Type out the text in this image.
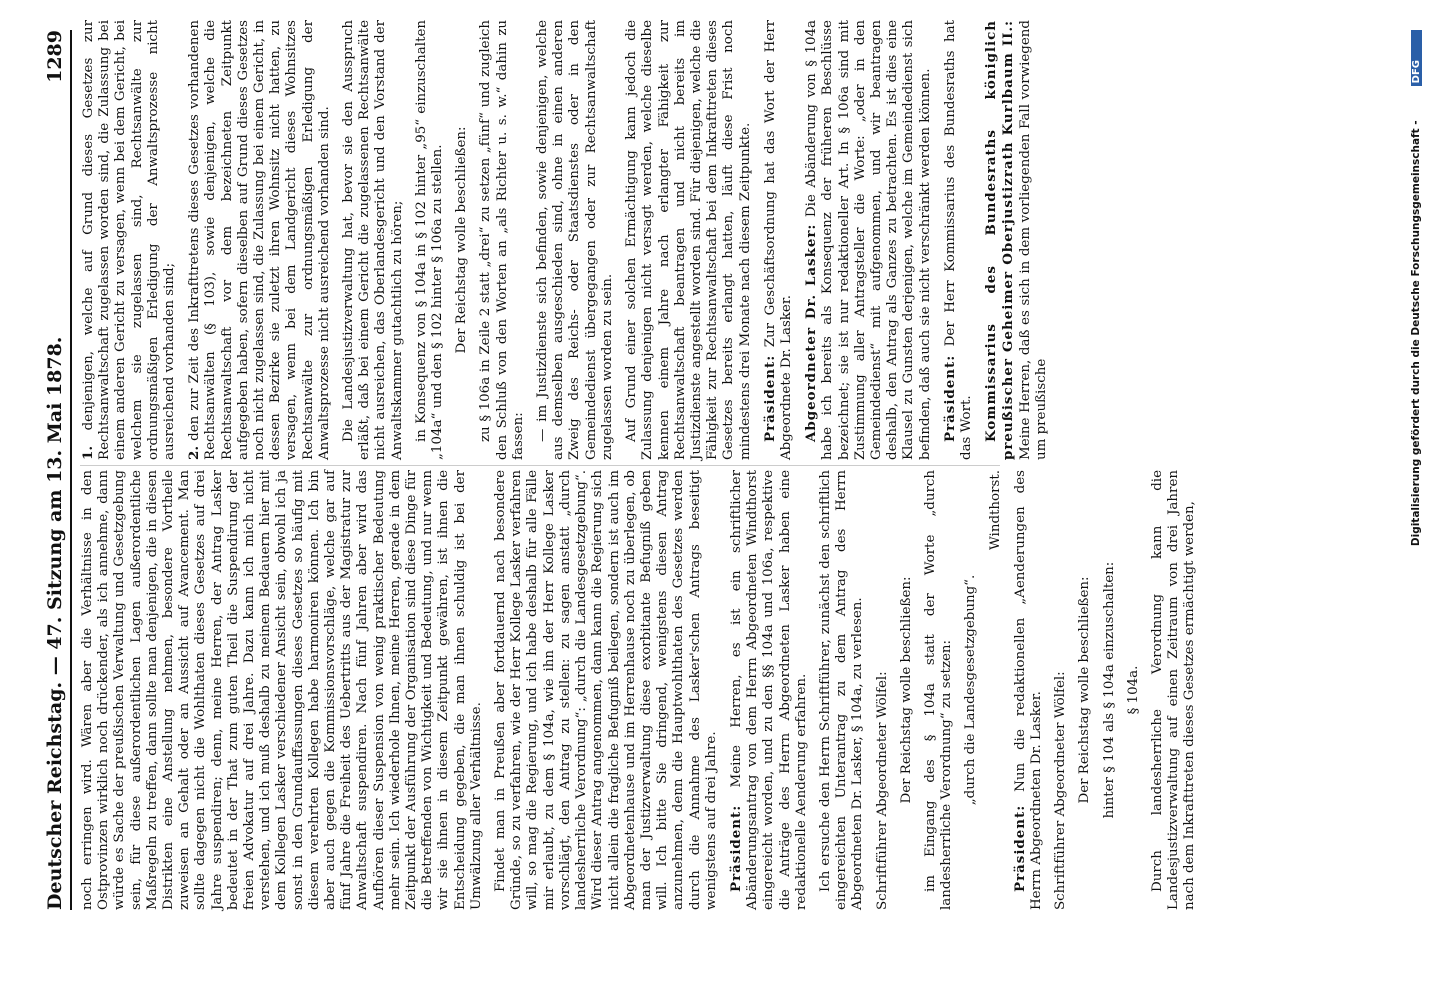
Deutscher Reichstag. — 47. Sitzung am 13. Mai 1878.
1289

noch erringen wird. Wären aber die Verhältnisse in den Ostprovinzen wirklich noch drückender, als ich annehme, dann würde es Sache der preußischen Verwaltung und Gesetzgebung sein, für diese außerordentlichen Lagen außerordentliche Maßregeln zu treffen, dann sollte man denjenigen, die in diesen Distrikten eine Anstellung nehmen, besondere Vortheile zuweisen an Gehalt oder an Aussicht auf Avancement. Man sollte dagegen nicht die Wohlthaten dieses Gesetzes auf drei Jahre suspendiren; denn, meine Herren, der Antrag Lasker bedeutet in der That zum guten Theil die Suspendirung der freien Advokatur auf drei Jahre. Dazu kann ich mich nicht verstehen, und ich muß deshalb zu meinem Bedauern hier mit dem Kollegen Lasker verschiedener Ansicht sein, obwohl ich ja sonst in den Grundauffassungen dieses Gesetzes so häufig mit diesem verehrten Kollegen habe harmoniren können. Ich bin aber auch gegen die Kommissionsvorschläge, welche gar auf fünf Jahre die Freiheit des Uebertritts aus der Magistratur zur Anwaltschaft suspendiren. Nach fünf Jahren aber wird das Aufhören dieser Suspension von wenig praktischer Bedeutung mehr sein. Ich wiederhole Ihnen, meine Herren, gerade in dem Zeitpunkt der Ausführung der Organisation sind diese Dinge für die Betreffenden von Wichtigkeit und Bedeutung, und nur wenn wir sie ihnen in diesem Zeitpunkt gewähren, ist ihnen die Entscheidung gegeben, die man ihnen schuldig ist bei der Umwälzung aller Verhältnisse. Findet man in Preußen aber fortdauernd nach besondere Gründe, so zu verfahren, wie der Herr Kollege Lasker verfahren will, so mag die Regierung, und ich habe deshalb für alle Fälle mir erlaubt, zu dem § 104a, wie ihn der Herr Kollege Lasker vorschlägt, den Antrag zu stellen: zu sagen anstatt „durch landesherrliche Verordnung“: „durch die Landesgesetzgebung“. Wird dieser Antrag angenommen, dann kann die Regierung sich nicht allein die fragliche Befugniß beilegen, sondern ist auch im Abgeordnetenhause und im Herrenhause noch zu überlegen, ob man der Justizverwaltung diese exorbitante Befugniß geben will. Ich bitte Sie dringend, wenigstens diesen Antrag anzunehmen, denn die Hauptwohlthaten des Gesetzes werden durch die Annahme des Lasker'schen Antrags beseitigt wenigstens auf drei Jahre. Präsident: Meine Herren, es ist ein schriftlicher Abänderungsantrag von dem Herrn Abgeordneten Windthorst eingereicht worden, und zu den §§ 104a und 106a, respektive die Anträge des Herrn Abgeordneten Lasker haben eine redaktionelle Aenderung erfahren. Ich ersuche den Herrn Schriftführer, zunächst den schriftlich eingereichten Unterantrag zu dem Antrag des Herrn Abgeordneten Dr. Lasker, § 104a, zu verlesen. Schriftführer Abgeordneter Wölfel: Der Reichstag wolle beschließen: im Eingang des § 104a statt der Worte „durch landesherrliche Verordnung“ zu setzen: „durch die Landesgesetzgebung“.

Windthorst.

Präsident: Nun die redaktionellen „Aenderungen des Herrn Abgeordneten Dr. Lasker. Schriftführer Abgeordneter Wölfel: Der Reichstag wolle beschließen: hinter § 104 als § 104a einzuschalten: § 104a. Durch landesherrliche Verordnung kann die Landesjustizverwaltung auf einen Zeitraum von drei Jahren nach dem Inkrafttreten dieses Gesetzes ermächtigt werden,

1. denjenigen, welche auf Grund dieses Gesetzes zur Rechtsanwaltschaft zugelassen worden sind, die Zulassung bei einem anderen Gericht zu versagen, wenn bei dem Gericht, bei welchem sie zugelassen sind, Rechtsanwälte zur ordnungsmäßigen Erledigung der Anwaltsprozesse nicht ausreichend vorhanden sind; 2. den zur Zeit des Inkrafttretens dieses Gesetzes vorhandenen Rechtsanwälten (§ 103), sowie denjenigen, welche die Rechtsanwaltschaft vor dem bezeichneten Zeitpunkt aufgegeben haben, sofern dieselben auf Grund dieses Gesetzes noch nicht zugelassen sind, die Zulassung bei einem Gericht, in dessen Bezirke sie zuletzt ihren Wohnsitz nicht hatten, zu versagen, wenn bei dem Landgericht dieses Wohnsitzes Rechtsanwälte zur ordnungsmäßigen Erledigung der Anwaltsprozesse nicht ausreichend vorhanden sind. Die Landesjustizverwaltung hat, bevor sie den Ausspruch erläßt, daß bei einem Gericht die zugelassenen Rechtsanwälte nicht ausreichen, das Oberlandesgericht und den Vorstand der Anwaltskammer gutachtlich zu hören; in Konsequenz von § 104a in § 102 hinter „95“ einzuschalten „104a“ und den § 102 hinter § 106a zu stellen. Der Reichstag wolle beschließen: zu § 106a in Zeile 2 statt „drei“ zu setzen „fünf“ und zugleich den Schluß von den Worten an „als Richter u. s. w.“ dahin zu fassen: — im Justizdienste sich befinden, sowie denjenigen, welche aus demselben ausgeschieden sind, ohne in einen anderen Zweig des Reichs- oder Staatsdienstes oder in den Gemeindedienst übergegangen oder zur Rechtsanwaltschaft zugelassen worden zu sein. Auf Grund einer solchen Ermächtigung kann jedoch die Zulassung denjenigen nicht versagt werden, welche dieselbe kennen einem Jahre nach erlangter Fähigkeit zur Rechtsanwaltschaft beantragen und nicht bereits im Justizdienste angestellt worden sind. Für diejenigen, welche die Fähigkeit zur Rechtsanwaltschaft bei dem Inkrafttreten dieses Gesetzes bereits erlangt hatten, läuft diese Frist noch mindestens drei Monate nach diesem Zeitpunkte. Präsident: Zur Geschäftsordnung hat das Wort der Herr Abgeordnete Dr. Lasker. Abgeordneter Dr. Lasker: Die Abänderung von § 104a habe ich bereits als Konsequenz der früheren Beschlüsse bezeichnet; sie ist nur redaktioneller Art. In § 106a sind mit Zustimmung aller Antragsteller die Worte: „oder in den Gemeindedienst“ mit aufgenommen, und wir beantragen deshalb, den Antrag als Ganzes zu betrachten. Es ist dies eine Klausel zu Gunsten derjenigen, welche im Gemeindedienst sich befinden, daß auch sie nicht verschränkt werden können. Präsident: Der Herr Kommissarius des Bundesraths hat das Wort. Kommissarius des Bundesraths königlich preußischer Geheimer Oberjustizrath Kurlbaum II.: Meine Herren, daß es sich in dem vorliegenden Fall vorwiegend um preußische	Digitalisierung gefördert durch die Deutsche Forschungsgemeinschaft -DFG
